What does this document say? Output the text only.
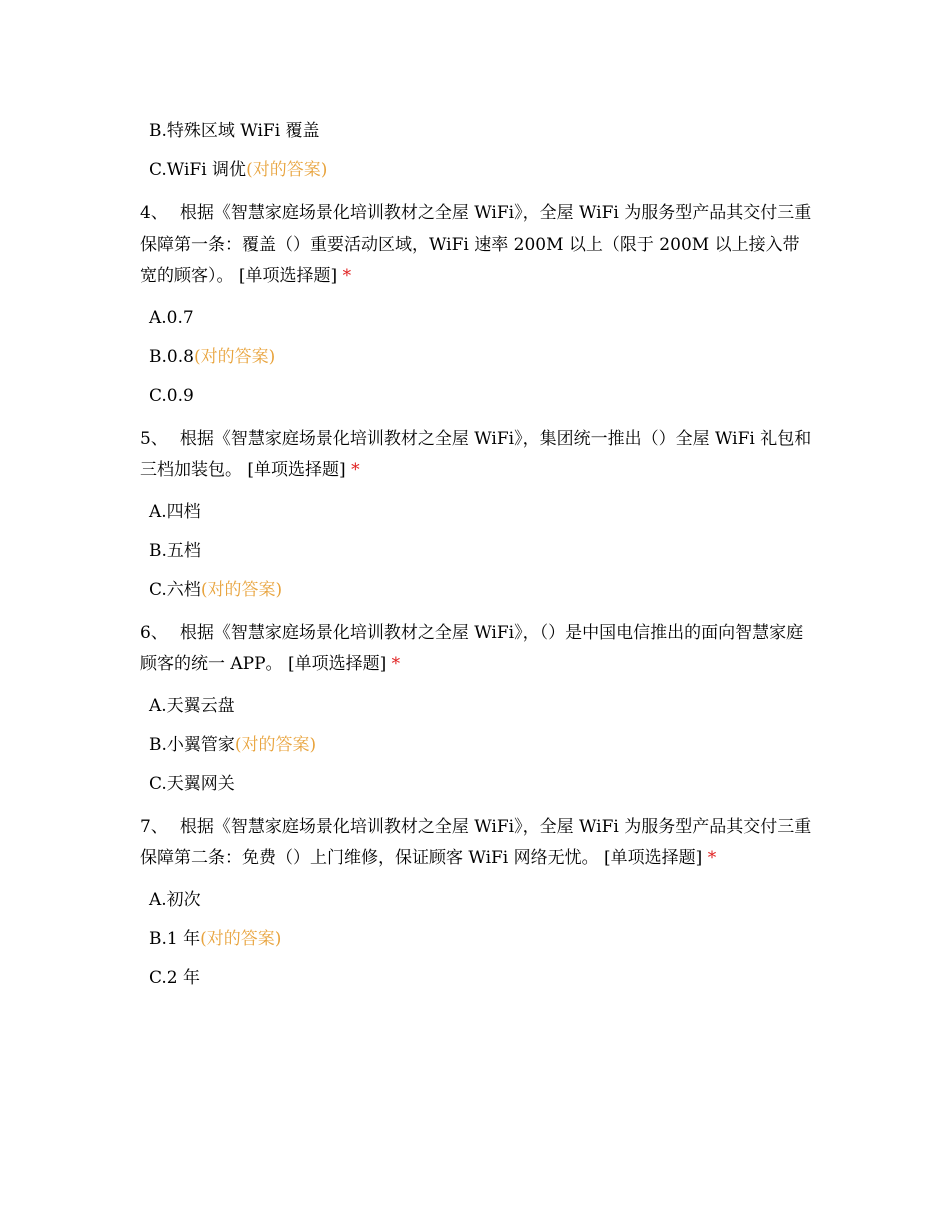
B.特殊区域 WiFi 覆盖
C.WiFi 调优(对的答案)
4、 根据《智慧家庭场景化培训教材之全屋 WiFi》，全屋 WiFi 为服务型产品其交付三重保障第一条：覆盖（）重要活动区域，WiFi 速率 200M 以上（限于 200M 以上接入带宽的顾客）。 [单项选择题] *
A.0.7
B.0.8(对的答案)
C.0.9
5、 根据《智慧家庭场景化培训教材之全屋 WiFi》，集团统一推出（）全屋 WiFi 礼包和三档加装包。 [单项选择题] *
A.四档
B.五档
C.六档(对的答案)
6、 根据《智慧家庭场景化培训教材之全屋 WiFi》，（）是中国电信推出的面向智慧家庭顾客的统一 APP。 [单项选择题] *
A.天翼云盘
B.小翼管家(对的答案)
C.天翼网关
7、 根据《智慧家庭场景化培训教材之全屋 WiFi》，全屋 WiFi 为服务型产品其交付三重保障第二条：免费（）上门维修，保证顾客 WiFi 网络无忧。 [单项选择题] *
A.初次
B.1 年(对的答案)
C.2 年
